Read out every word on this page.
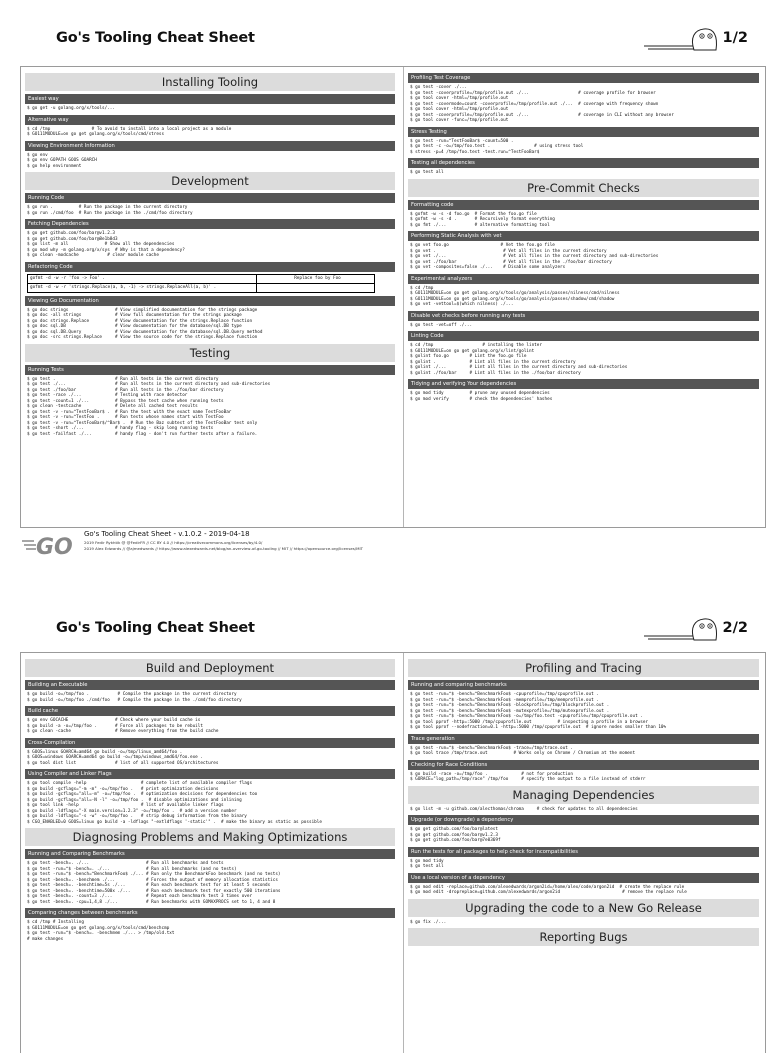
Go's Tooling Cheat Sheet	1/2
Installing Tooling
Easiest way
$ go get -u golang.org/x/tools/...
Alternative way
$ cd /tmp                # To avoid to install into a local project as a module
$ GO111MODULE=on go get golang.org/x/tools/cmd/stress
Viewing Environment Information
$ go env
$ go env GOPATH GOOS GOARCH
$ go help environment
Development
Running Code
$ go run .          # Run the package in the current directory
$ go run ./cmd/foo  # Run the package in the ./cmd/foo directory
Fetching Dependencies
$ go get github.com/foo/bar@v1.2.3
$ go get github.com/foo/bar@8e1b8d3
$ go list -m all              # Show all the dependencies
$ go mod why -m golang.org/x/sys  # Why is that a dependency?
$ go clean -modcache           # clear module cache
Refactoring Code
gofmt -d -w -r 'foo -> Foo' .	Replace foo by Foo
gofmt -d -w -r 'strings.Replace(a, b, -1) -> strings.ReplaceAll(a, b)' .
Viewing Go Documentation
$ go doc strings                  # View simplified documentation for the strings package
$ go doc -all strings             # View full documentation for the strings package
$ go doc strings.Replace          # View documentation for the strings.Replace function
$ go doc sql.DB                   # View documentation for the database/sql.DB type
$ go doc sql.DB.Query             # View documentation for the database/sql.DB.Query method
$ go doc -src strings.Replace     # View the source code for the strings.Replace function
Testing
Running Tests
$ go test .                       # Run all tests in the current directory
$ go test ./...                   # Run all tests in the current directory and sub-directories
$ go test ./foo/bar               # Run all tests in the ./foo/bar directory
$ go test -race ./...             # Testing with race detector
$ go test -count=1 ./...          # Bypass the test cache when running tests
$ go clean -testcache             # Delete all cached test results
$ go test -v -run=^TestFooBar$ .  # Run the test with the exact name TestFooBar
$ go test -v -run=^TestFoo .      # Run tests whose names start with TestFoo
$ go test -v -run=^TestFooBar$/^Bar$ .  # Run the Baz subtest of the TestFooBar test only
$ go test -short ./...            # handy flag - skip long running tests
$ go test -failfast ./...         # handy flag - don't run further tests after a failure.
Profiling Test Coverage
$ go test -cover ./...
$ go test -coverprofile=/tmp/profile.out ./...                   # coverage profile for browser
$ go tool cover -html=/tmp/profile.out
$ go test -covermode=count -coverprofile=/tmp/profile.out ./...  # coverage with frequency shown
$ go tool cover -html=/tmp/profile.out
$ go test -coverprofile=/tmp/profile.out ./...                   # coverage in CLI without any browser
$ go tool cover -func=/tmp/profile.out
Stress Testing
$ go test -run=^TestFooBar$ -count=500 .
$ go test -c -o=/tmp/foo.test .                 # using stress tool
$ stress -p=4 /tmp/foo.test -test.run=^TestFooBar$
Testing all dependencies
$ go test all
Pre-Commit Checks
Formatting code
$ gofmt -w -s -d foo.go  # Format the foo.go file
$ gofmt -w -s -d .       # Recursively format everything
$ go fmt ./...           # alternative formatting tool
Performing Static Analysis with vet
$ go vet foo.go                    # Vet the foo.go file
$ go vet .                          # Vet all files in the current directory
$ go vet ./...                      # Vet all files in the current directory and sub-directories
$ go vet ./foo/bar                  # Vet all files in the ./foo/bar directory
$ go vet -composites=false ./...    # Disable some analyzers
Experimental analyzers
$ cd /tmp
$ GO111MODULE=on go get golang.org/x/tools/go/analysis/passes/nilness/cmd/nilness
$ GO111MODULE=on go get golang.org/x/tools/go/analysis/passes/shadow/cmd/shadow
$ go vet -vettool=$(which nilness) ./...
Disable vet checks before running any tests
$ go test -vet=off ./...
Linting Code
$ cd /tmp                   # installing the linter
$ GO111MODULE=on go get golang.org/x/lint/golint
$ golint foo.go        # Lint the foo.go file
$ golint .             # Lint all files in the current directory
$ golint ./...         # Lint all files in the current directory and sub-directories
$ golint ./foo/bar     # Lint all files in the ./foo/bar directory
Tidying and verifying Your dependencies
$ go mod tidy          # prune any unused dependencies
$ go mod verify        # check the dependencies' hashes
GO
Go's Tooling Cheat Sheet - v.1.0.2 - 2019-04-18
2019 Fedir Rykhtik @ @FedirFR // CC BY 4.0 // https://creativecommons.org/licenses/by/4.0/
2019 Alex Edwards // @ajmedwards // https://www.alexedwards.net/blog/an-overview-of-go-tooling // MIT // https://opensource.org/licenses/MIT
Go's Tooling Cheat Sheet	2/2
Build and Deployment
Building an Executable
$ go build -o=/tmp/foo .           # Compile the package in the current directory
$ go build -o=/tmp/foo ./cmd/foo   # Compile the package in the ./cmd/foo directory
Build cache
$ go env GOCACHE                  # Check where your build cache is
$ go build -a -o=/tmp/foo .       # Force all packages to be rebuilt
$ go clean -cache                 # Remove everything from the build cache
Cross-Compilation
$ GOOS=linux GOARCH=amd64 go build -o=/tmp/linux_amd64/foo .
$ GOOS=windows GOARCH=amd64 go build -o=/tmp/windows_amd64/foo.exe .
$ go tool dist list               # list of all supported OS/architectures
Using Compiler and Linker Flags
$ go tool compile -help                     # complete list of available compiler flags
$ go build -gcflags="-m -m" -o=/tmp/foo .   # print optimization decisions
$ go build -gcflags="all=-m" -o=/tmp/foo .  # optimization decisions for dependencies too
$ go build -gcflags="all=-N -l" -o=/tmp/foo .  # disable optimizations and inlining
$ go tool link -help                        # list of available linker flags
$ go build -ldflags="-X main.version=1.2.3" -o=/tmp/foo .  # add a version number
$ go build -ldflags="-s -w" -o=/tmp/foo .   # strip debug information from the binary
$ CGO_ENABLED=0 GOOS=linux go build -a -ldflags "-extldflags '-static'" .  # make the binary as static as possible
Diagnosing Problems and Making Optimizations
Running and Comparing Benchmarks
$ go test -bench=. ./...                      # Run all benchmarks and tests
$ go test -run=^$ -bench=. ./...              # Run all benchmarks (and no tests)
$ go test -run=^$ -bench=^BenchmarkFoo$ ./... # Run only the BenchmarkFoo benchmark (and no tests)
$ go test -bench=. -benchmem ./...            # Forces the output of memory allocation statistics
$ go test -bench=. -benchtime=5s ./...        # Run each benchmark test for at least 5 seconds
$ go test -bench=. -benchtime=500x ./...      # Run each benchmark test for exactly 500 iterations
$ go test -bench=. -count=3 ./...             # Repeat each benchmark test 3 times over
$ go test -bench=. -cpu=1,4,8 ./...           # Run benchmarks with GOMAXPROCS set to 1, 4 and 8
Comparing changes between benchmarks
$ cd /tmp # Installing
$ GO111MODULE=on go get golang.org/x/tools/cmd/benchcmp
$ go test -run=^$ -bench=. -benchmem ./... > /tmp/old.txt
# make changes
Profiling and Tracing
Running and comparing benchmarks
$ go test -run=^$ -bench=^BenchmarkFoo$ -cpuprofile=/tmp/cpuprofile.out .
$ go test -run=^$ -bench=^BenchmarkFoo$ -memprofile=/tmp/memprofile.out .
$ go test -run=^$ -bench=^BenchmarkFoo$ -blockprofile=/tmp/blockprofile.out .
$ go test -run=^$ -bench=^BenchmarkFoo$ -mutexprofile=/tmp/mutexprofile.out .
$ go test -run=^$ -bench=^BenchmarkFoo$ -o=/tmp/foo.test -cpuprofile=/tmp/cpuprofile.out .
$ go tool pprof -http=:5000 /tmp/cpuprofile.out          # inspecting a profile in a browser
$ go tool pprof --nodefraction=0.1 -http=:5000 /tmp/cpuprofile.out  # ignore nodes smaller than 10%
Trace generation
$ go test -run=^$ -bench=^BenchmarkFoo$ -trace=/tmp/trace.out .
$ go tool trace /tmp/trace.out          # Works only on Chrome / Chromium at the moment
Checking for Race Conditions
$ go build -race -o=/tmp/foo .             # not for production
$ GORACE="log_path=/tmp/race" /tmp/foo     # specify the output to a file instead of stderr
Managing Dependencies
$ go list -m -u github.com/alecthomas/chroma     # check for updates to all dependencies
Upgrade (or downgrade) a dependency
$ go get github.com/foo/bar@latest
$ go get github.com/foo/bar@v1.2.3
$ go get github.com/foo/bar@7e0369f
Run the tests for all packages to help check for incompatibilities
$ go mod tidy
$ go test all
Use a local version of a dependency
$ go mod edit -replace=github.com/alexedwards/argon2id=/home/alex/code/argon2id  # create the replace rule
$ go mod edit -dropreplace=github.com/alexedwards/argon2id                        # remove the replace rule
Upgrading the code to a New Go Release
$ go fix ./...
Reporting Bugs
